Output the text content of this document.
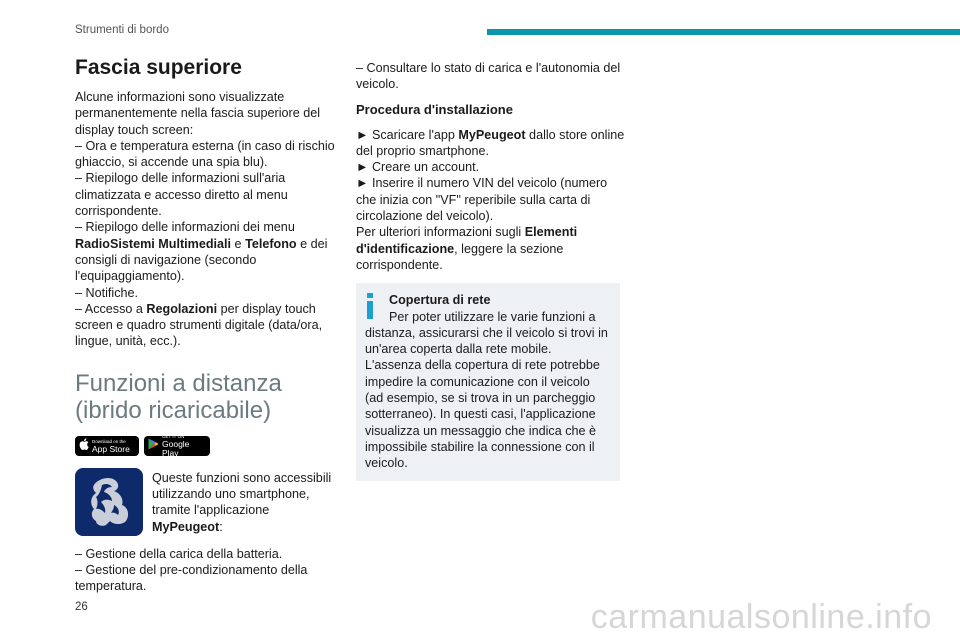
Strumenti di bordo
Fascia superiore

Alcune informazioni sono visualizzate permanentemente nella fascia superiore del display touch screen:

– Ora e temperatura esterna (in caso di rischio ghiaccio, si accende una spia blu).

– Riepilogo delle informazioni sull'aria climatizzata e accesso diretto al menu corrispondente.

– Riepilogo delle informazioni dei menu RadioSistemi Multimediali e Telefono e dei consigli di navigazione (secondo l'equipaggiamento).

– Notifiche.

– Accesso a Regolazioni per display touch screen e quadro strumenti digitale (data/ora, lingue, unità, ecc.).

Funzioni a distanza (ibrido ricaricabile)
Download on the
App Store
GET IT ON
Google Play
Queste funzioni sono accessibili utilizzando uno smartphone, tramite l'applicazione MyPeugeot:

– Gestione della carica della batteria.

– Gestione del pre-condizionamento della temperatura.

– Consultare lo stato di carica e l'autonomia del veicolo.

Procedura d'installazione

► Scaricare l'app MyPeugeot dallo store online del proprio smartphone.

► Creare un account.

► Inserire il numero VIN del veicolo (numero che inizia con "VF" reperibile sulla carta di circolazione del veicolo).

Per ulteriori informazioni sugli Elementi d'identificazione, leggere la sezione corrispondente.

Copertura di rete

Per poter utilizzare le varie funzioni a distanza, assicurarsi che il veicolo si trovi in un'area coperta dalla rete mobile.

L'assenza della copertura di rete potrebbe impedire la comunicazione con il veicolo (ad esempio, se si trova in un parcheggio sotterraneo). In questi casi, l'applicazione visualizza un messaggio che indica che è impossibile stabilire la connessione con il veicolo.

26	carmanualsonline.info
